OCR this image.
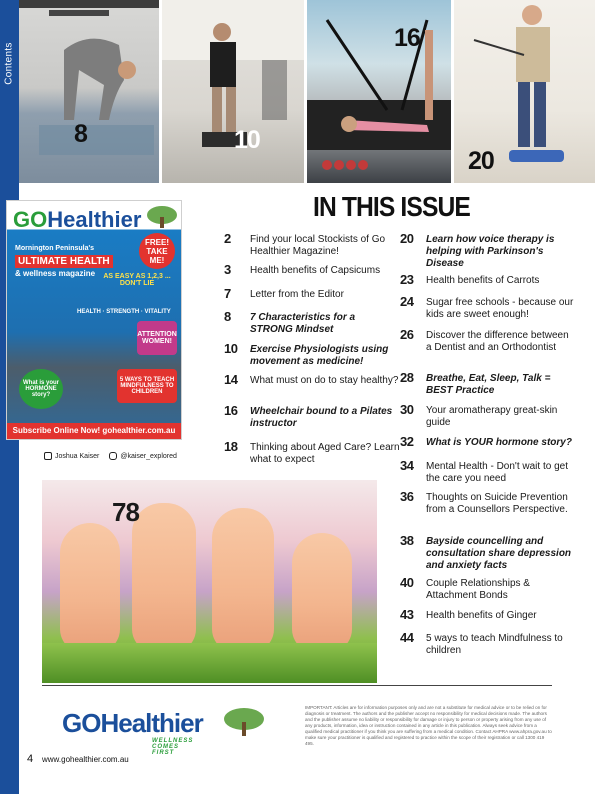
Contents
8	10
16
20
GOHealthier
Mornington Peninsula's
ULTIMATE HEALTH
& wellness magazine
FREE! TAKE ME!
AS EASY AS 1,2,3 ... DON'T LIE
HEALTH · STRENGTH · VITALITY
ATTENTION WOMEN!
What is your HORMONE story?
5 WAYS TO TEACH MINDFULNESS TO CHILDREN
Subscribe Online Now! gohealthier.com.au
Joshua Kaiser	@kaiser_explored
78
IN THIS ISSUE
2	Find your local Stockists of Go Healthier Magazine!
3	Health benefits of Capsicums
7	Letter from the Editor
8	7 Characteristics for a STRONG Mindset
10	Exercise Physiologists using movement as medicine!
14	What must on do to stay healthy?
16	Wheelchair bound to a Pilates instructor
18	Thinking about Aged Care? Learn what to expect
20	Learn how voice therapy is helping with Parkinson's Disease
23	Health benefits of Carrots
24	Sugar free schools - because our kids are sweet enough!
26	Discover the difference between a Dentist and an Orthodontist
28	Breathe, Eat, Sleep, Talk = BEST Practice
30	Your aromatherapy great-skin guide
32	What is YOUR hormone story?
34	Mental Health - Don't wait to get the care you need
36	Thoughts on Suicide Prevention from a Counsellors Perspective.
38	Bayside councelling and consultation share depression and anxiety facts
40	Couple Relationships & Attachment Bonds
43	Health benefits of Ginger
44	5 ways to teach Mindfulness to children
GOHealthier
WELLNESS COMES FIRST
IMPORTANT: Articles are for information purposes only and are not a substitute for medical advice or to be relied on for diagnosis or treatment. The authors and the publisher accept no responsibility for medical decisions made. The authors and the publisher assume no liability or responsibility for damage or injury to person or property arising from any use of any products, information, idea or instruction contained in any article in this publication. Always seek advice from a qualified medical practitioner if you think you are suffering from a medical condition. Contact AHPRA www.ahpra.gov.au to make sure your practitioner is qualified and registered to practice within the scope of their registration or call 1300 419 495.
4 www.gohealthier.com.au
